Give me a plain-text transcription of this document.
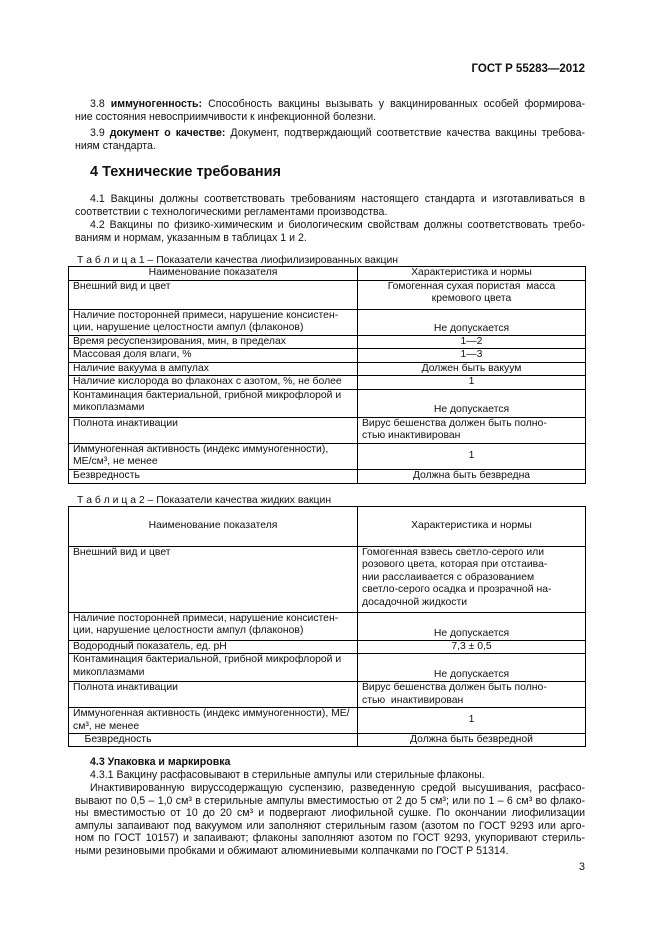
ГОСТ Р 55283—2012
3.8 иммуногенность: Способность вакцины вызывать у вакцинированных особей формирова-
ние состояния невосприимчивости к инфекционной болезни.
3.9 документ о качестве: Документ, подтверждающий соответствие качества вакцины требова-
ниям стандарта.
4 Технические требования
4.1 Вакцины должны соответствовать требованиям настоящего стандарта и изготавливаться в
соответствии с технологическими регламентами производства.
4.2 Вакцины по физико-химическим и биологическим свойствам должны соответствовать требо-
ваниям и нормам, указанным в таблицах 1 и 2.
Т а б л и ц а 1 – Показатели качества лиофилизированных вакцин
Наименование показателя	Характеристика и нормы
Внешний вид и цвет	Гомогенная сухая пористая  масса
кремового цвета
Наличие посторонней примеси, нарушение консистен-
ции, нарушение целостности ампул (флаконов)	Не допускается
Время ресуспензирования, мин, в пределах	1—2
Массовая доля влаги, %	1—3
Наличие вакуума в ампулах	Должен быть вакуум
Наличие кислорода во флаконах с азотом, %, не более	1
Контаминация бактериальной, грибной микрофлорой и
микоплазмами	Не допускается
Полнота инактивации	Вирус бешенства должен быть полно-
стью инактивирован
Иммуногенная активность (индекс иммуногенности),
МЕ/см³, не менее	1
Безвредность	Должна быть безвредна
Т а б л и ц а 2 – Показатели качества жидких вакцин
Наименование показателя	Характеристика и нормы
Внешний вид и цвет	Гомогенная взвесь светло-серого или
розового цвета, которая при отстаива-
нии расслаивается с образованием
светло-серого осадка и прозрачной на-
досадочной жидкости
Наличие посторонней примеси, нарушение консистен-
ции, нарушение целостности ампул (флаконов)	Не допускается
Водородный показатель, ед. рН	7,3 ± 0,5
Контаминация бактериальной, грибной микрофлорой и
микоплазмами	Не допускается
Полнота инактивации	Вирус бешенства должен быть полно-
стью  инактивирован
Иммуногенная активность (индекс иммуногенности), МЕ/
см³, не менее	1
Безвредность	Должна быть безвредной
4.3 Упаковка и маркировка
4.3.1 Вакцину расфасовывают в стерильные ампулы или стерильные флаконы.
Инактивированную вируссодержащую суспензию, разведенную средой высушивания, расфасо-
вывают по 0,5 – 1,0 см³ в стерильные ампулы вместимостью от 2 до 5 см³; или по 1 – 6 см³ во флако-
ны вместимостью от 10 до 20 см³ и подвергают лиофильной сушке. По окончании лиофилизации
ампулы запаивают под вакуумом или заполняют стерильным газом (азотом по ГОСТ 9293 или арго-
ном по ГОСТ 10157) и запаивают; флаконы заполняют азотом по ГОСТ 9293, укупоривают стериль-
ными резиновыми пробками и обжимают алюминиевыми колпачками по ГОСТ Р 51314.
3
